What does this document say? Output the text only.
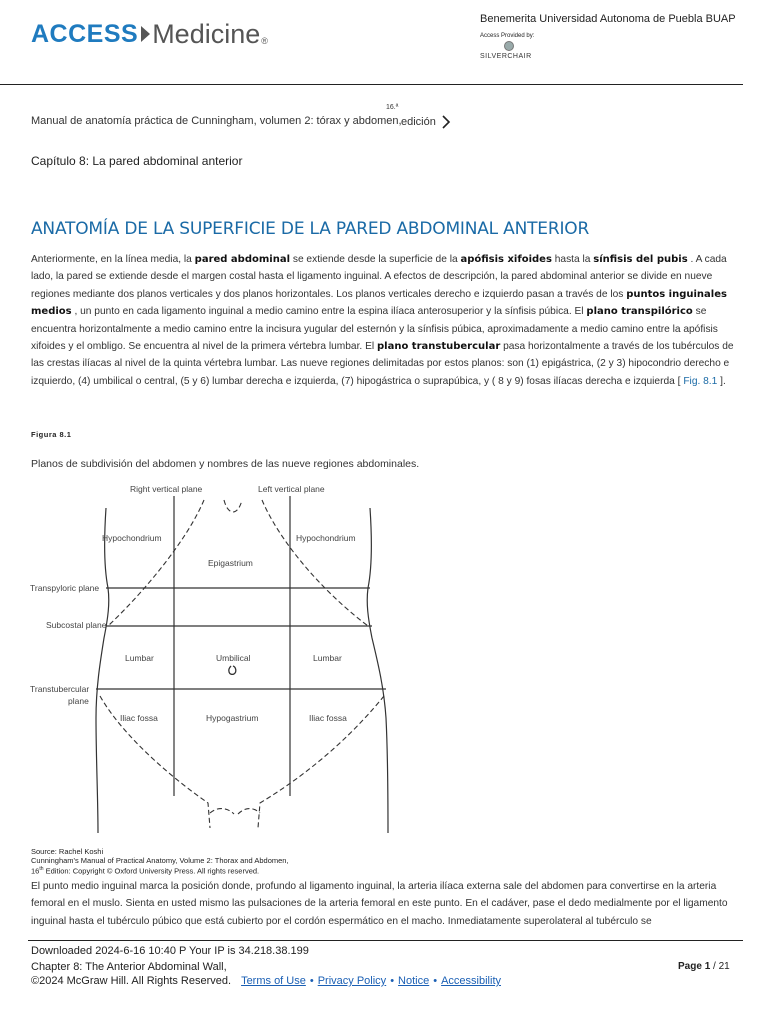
ACCESS Medicine ®
Benemerita Universidad Autonoma de Puebla BUAP
Access Provided by:
SILVERCHAIR
Manual de anatomía práctica de Cunningham, volumen 2: tórax y abdomen,
16.ª
edición
Capítulo 8: La pared abdominal anterior
ANATOMÍA DE LA SUPERFICIE DE LA PARED ABDOMINAL ANTERIOR
Anteriormente, en la línea media, la pared abdominal se extiende desde la superficie de la apófisis xifoides hasta la sínfisis del pubis . A cada lado, la pared se extiende desde el margen costal hasta el ligamento inguinal. A efectos de descripción, la pared abdominal anterior se divide en nueve regiones mediante dos planos verticales y dos planos horizontales. Los planos verticales derecho e izquierdo pasan a través de los puntos inguinales medios , un punto en cada ligamento inguinal a medio camino entre la espina ilíaca anterosuperior y la sínfisis púbica. El plano transpilórico se encuentra horizontalmente a medio camino entre la incisura yugular del esternón y la sínfisis púbica, aproximadamente a medio camino entre la apófisis xifoides y el ombligo. Se encuentra al nivel de la primera vértebra lumbar. El plano transtubercular pasa horizontalmente a través de los tubérculos de las crestas ilíacas al nivel de la quinta vértebra lumbar. Las nueve regiones delimitadas por estos planos: son (1) epigástrica, (2 y 3) hipocondrio derecho e izquierdo, (4) umbilical o central, (5 y 6) lumbar derecha e izquierda, (7) hipogástrica o suprapúbica, y ( 8 y 9) fosas ilíacas derecha e izquierda [ Fig. 8.1 ].
Figura 8.1
Planos de subdivisión del abdomen y nombres de las nueve regiones abdominales.
Right vertical plane	Left vertical plane
Hypochondrium	Hypochondrium
Epigastrium
Transpyloric plane
Subcostal plane
Lumbar	Umbilical	Lumbar
Transtubercular
plane
Iliac fossa	Hypogastrium	Iliac fossa
Source: Rachel Koshi
Cunningham's Manual of Practical Anatomy, Volume 2: Thorax and Abdomen,
16th Edition: Copyright © Oxford University Press. All rights reserved.
El punto medio inguinal marca la posición donde, profundo al ligamento inguinal, la arteria ilíaca externa sale del abdomen para convertirse en la arteria femoral en el muslo. Sienta en usted mismo las pulsaciones de la arteria femoral en este punto. En el cadáver, pase el dedo medialmente por el ligamento inguinal hasta el tubérculo púbico que está cubierto por el cordón espermático en el macho. Inmediatamente superolateral al tubérculo se
Downloaded 2024-6-16 10:40 P Your IP is 34.218.38.199
Chapter 8: The Anterior Abdominal Wall,
©2024 McGraw Hill. All Rights Reserved. Terms of Use • Privacy Policy • Notice • Accessibility
Page 1 / 21
